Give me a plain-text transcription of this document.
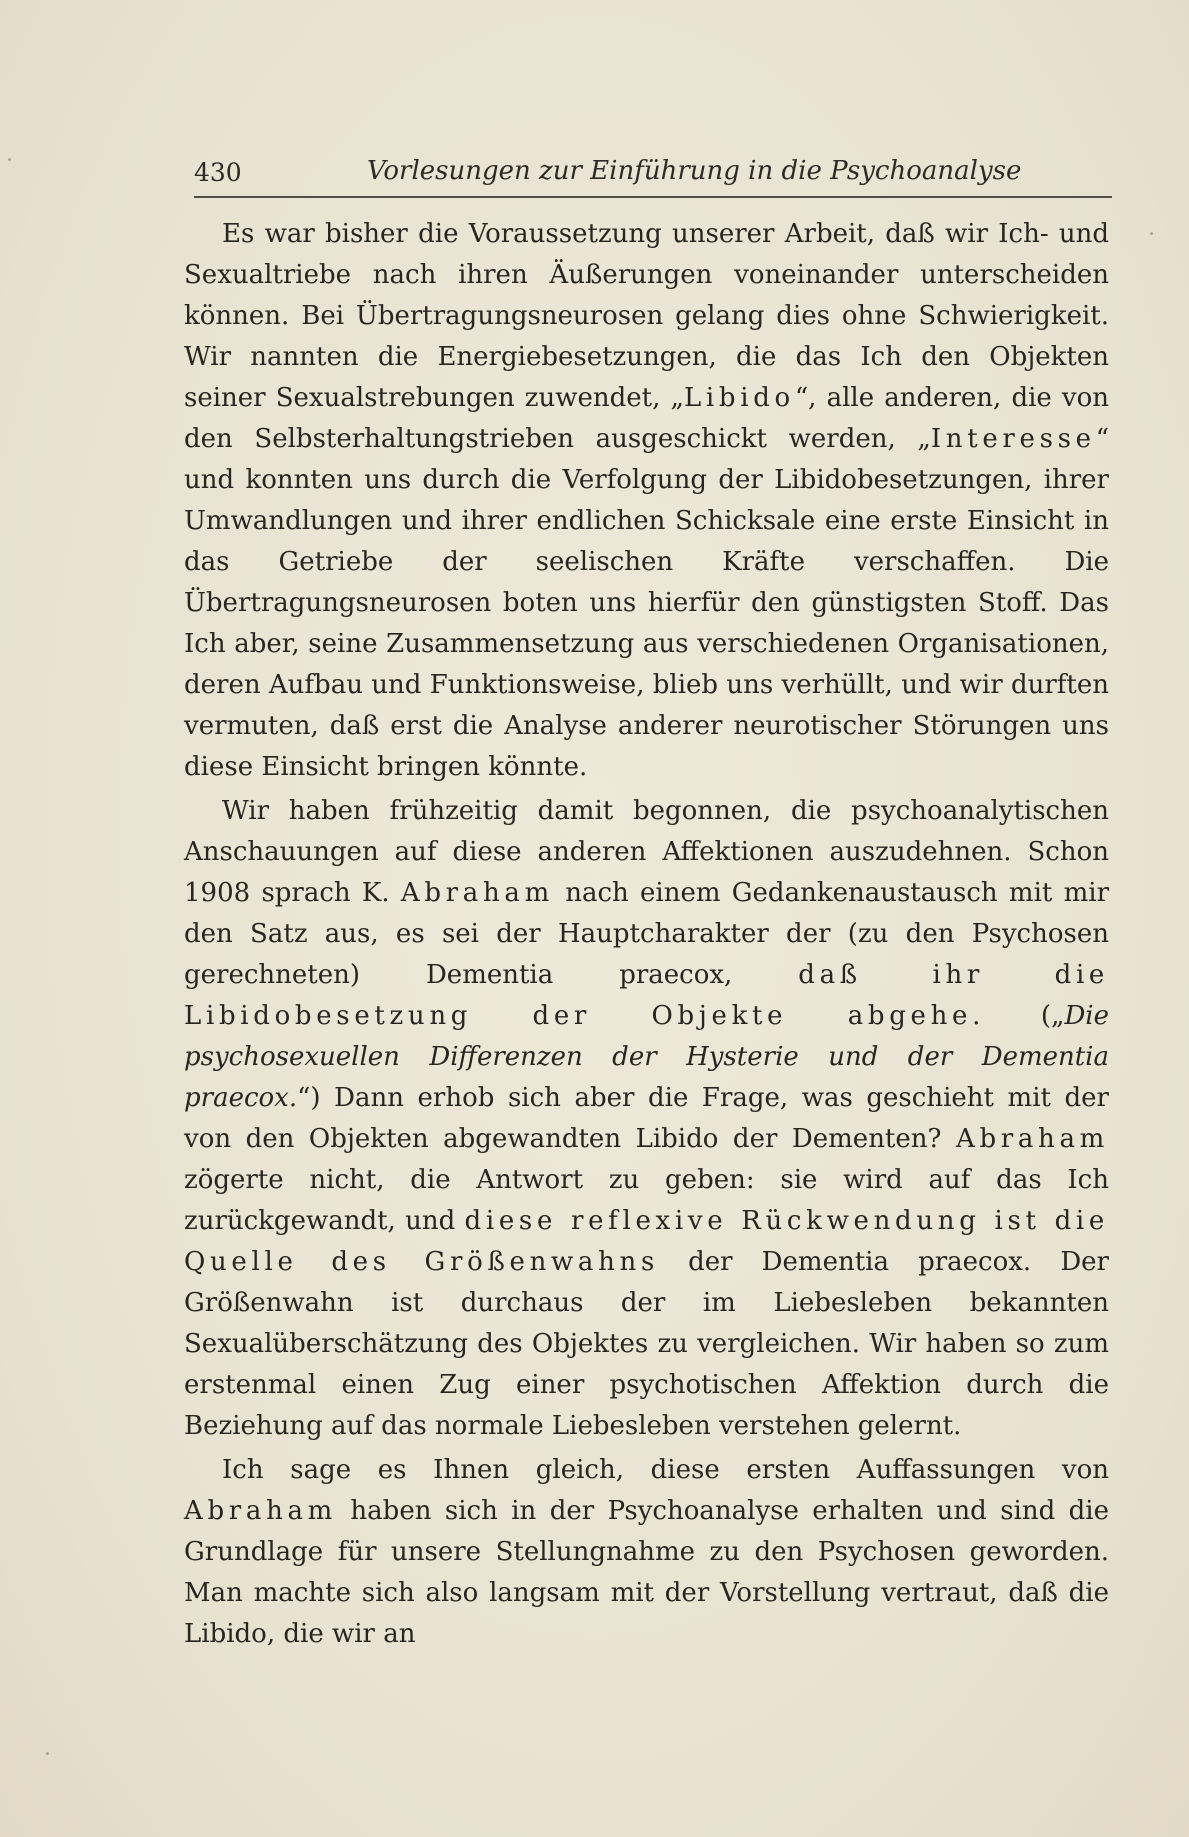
430	Vorlesungen zur Einführung in die Psychoanalyse

Es war bisher die Voraussetzung unserer Arbeit, daß wir Ich- und Sexualtriebe nach ihren Äußerungen voneinander unterscheiden können. Bei Übertragungsneurosen gelang dies ohne Schwierigkeit. Wir nannten die Energiebesetzungen, die das Ich den Objekten seiner Sexualstrebungen zuwendet, „Libido“, alle anderen, die von den Selbsterhaltungstrieben ausgeschickt werden, „Interesse“ und konnten uns durch die Verfolgung der Libidobesetzungen, ihrer Umwandlungen und ihrer endlichen Schicksale eine erste Einsicht in das Getriebe der seelischen Kräfte verschaffen. Die Übertragungsneurosen boten uns hierfür den günstigsten Stoff. Das Ich aber, seine Zusammensetzung aus verschiedenen Organisationen, deren Aufbau und Funktionsweise, blieb uns verhüllt, und wir durften vermuten, daß erst die Analyse anderer neurotischer Störungen uns diese Einsicht bringen könnte.

Wir haben frühzeitig damit begonnen, die psychoanalytischen Anschauungen auf diese anderen Affektionen auszudehnen. Schon 1908 sprach K. Abraham nach einem Gedankenaustausch mit mir den Satz aus, es sei der Hauptcharakter der (zu den Psychosen gerechneten) Dementia praecox, daß ihr die Libidobesetzung der Objekte abgehe. („Die psychosexuellen Differenzen der Hysterie und der Dementia praecox.“) Dann erhob sich aber die Frage, was geschieht mit der von den Objekten abgewandten Libido der Dementen? Abraham zögerte nicht, die Antwort zu geben: sie wird auf das Ich zurückgewandt, und diese reflexive Rückwendung ist die Quelle des Größenwahns der Dementia praecox. Der Größenwahn ist durchaus der im Liebesleben bekannten Sexualüberschätzung des Objektes zu vergleichen. Wir haben so zum erstenmal einen Zug einer psychotischen Affektion durch die Beziehung auf das normale Liebesleben verstehen gelernt.

Ich sage es Ihnen gleich, diese ersten Auffassungen von Abraham haben sich in der Psychoanalyse erhalten und sind die Grundlage für unsere Stellungnahme zu den Psychosen geworden. Man machte sich also langsam mit der Vorstellung vertraut, daß die Libido, die wir an
